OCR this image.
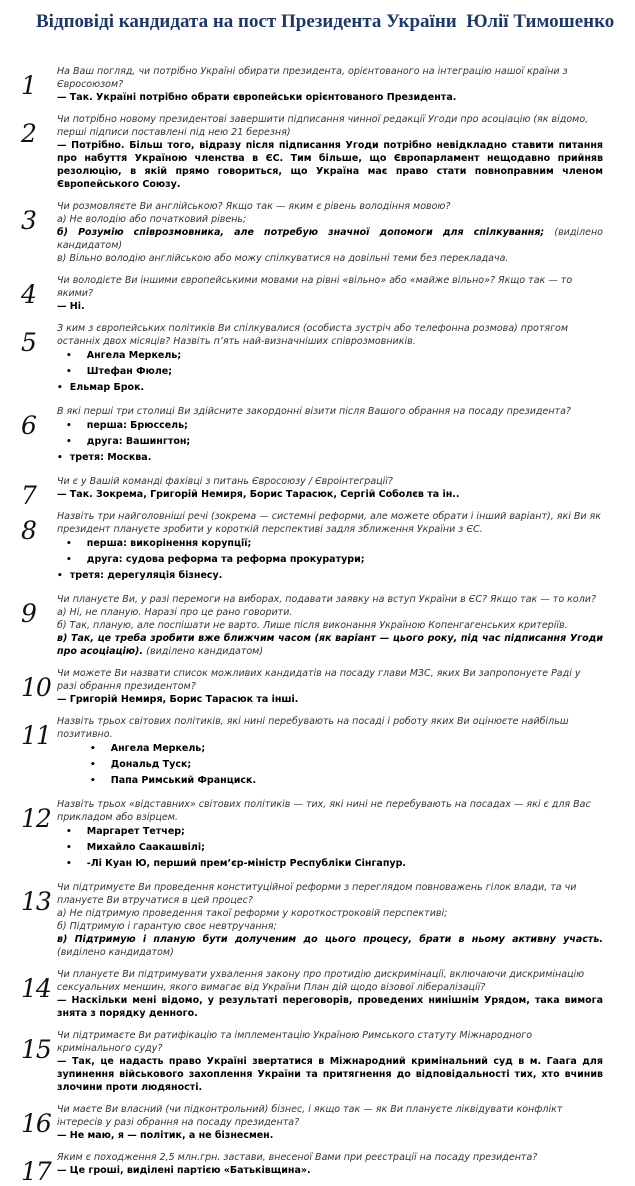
Відповіді кандидата на пост Президента України  Юлії Тимошенко
1	На Ваш погляд, чи потрібно Україні обирати президента, орієнтованого на інтеграцію нашої країни з Євросоюзом?
— Так. Україні потрібно обрати європейськи орієнтованого Президента.
2	Чи потрібно новому президентові завершити підписання чинної редакції Угоди про асоціацію (як відомо, перші підписи поставлені під нею 21 березня)
— Потрібно. Більш того, відразу після підписання Угоди потрібно невідкладно ставити питання про набуття Україною членства в ЄС. Тим більше, що Європарламент нещодавно прийняв резолюцію, в якій прямо говориться, що Україна має право стати повноправним членом Європейського Союзу.
3	Чи розмовляєте Ви англійською? Якщо так — яким є рівень володіння мовою?
а) Не володію або початковий рівень;
б) Розумію співрозмовника, але потребую значної допомоги для спілкування; (виділено кандидатом)
в) Вільно володію англійською або можу спілкуватися на довільні теми без перекладача.
4	Чи володієте Ви іншими європейськими мовами на рівні «вільно» або «майже вільно»? Якщо так — то якими?
— Ні.
5	З ким з європейських політиків Ви спілкувалися (особиста зустріч або телефонна розмова) протягом останніх двох місяців? Назвіть п’ять най-визначніших співрозмовників.
• Ангела Меркель;
• Штефан Фюле;
• Ельмар Брок.
6	В які перші три столиці Ви здійсните закордонні візити після Вашого обрання на посаду президента?
• перша: Брюссель;
• друга: Вашингтон;
• третя: Москва.
7	Чи є у Вашій команді фахівці з питань Євросоюзу / Євроінтеграції?
— Так. Зокрема, Григорій Немиря, Борис Тарасюк, Сергій Соболєв та ін..
8	Назвіть три найголовніші речі (зокрема — системні реформи, але можете обрати і інший варіант), які Ви як президент плануєте зробити у короткій перспективі задля зближення України з ЄС.
• перша: викорінення корупції;
• друга: судова реформа та реформа прокуратури;
• третя: дерегуляція бізнесу.
9	Чи плануєте Ви, у разі перемоги на виборах, подавати заявку на вступ України в ЄС? Якщо так — то коли?
а) Ні, не планую. Наразі про це рано говорити.
б) Так, планую, але поспішати не варто. Лише після виконання Україною Копенгагенських критеріїв.
в) Так, це треба зробити вже ближчим часом (як варіант — цього року, під час підписання Угоди про асоціацію). (виділено кандидатом)
10 Чи можете Ви назвати список можливих кандидатів на посаду глави МЗС, яких Ви запропонуєте Раді у разі обрання президентом?
— Григорій Немиря, Борис Тарасюк та інші.
11 Назвіть трьох світових політиків, які нині перебувають на посаді і роботу яких Ви оцінюєте найбільш позитивно.
• Ангела Меркель;
• Дональд Туск;
• Папа Римський Франциск.
12 Назвіть трьох «відставних» світових політиків — тих, які нині не перебувають на посадах — які є для Вас прикладом або взірцем.
• Маргарет Тетчер;
• Михайло Саакашвілі;
• -Лі Куан Ю, перший прем’єр-міністр Республіки Сінгапур.
13 Чи підтримуєте Ви проведення конституційної реформи з переглядом повноважень гілок влади, та чи плануєте Ви втручатися в цей процес?
а) Не підтримую проведення такої реформи у короткостроковій перспективі;
б) Підтримую і гарантую своє невтручання;
в) Підтримую і планую бути долученим до цього процесу, брати в ньому активну участь. (виділено кандидатом)
14 Чи плануєте Ви підтримувати ухвалення закону про протидію дискримінації, включаючи дискримінацію сексуальних меншин, якого вимагає від України План дій щодо візової лібералізації?
— Наскільки мені відомо, у результаті переговорів, проведених нинішнім Урядом, така вимога знята з порядку денного.
15 Чи підтримаєте Ви ратифікацію та імплементацію Україною Римського статуту Міжнародного кримінального суду?
— Так, це надасть право Україні звертатися в Міжнародний кримінальний суд в м. Гаага для зупинення військового захоплення України та притягнення до відповідальності тих, хто вчинив злочини проти людяності.
16 Чи маєте Ви власний (чи підконтрольний) бізнес, і якщо так — як Ви плануєте ліквідувати конфлікт інтересів у разі обрання на посаду президента?
— Не маю, я — політик, а не бізнесмен.
17 Яким є походження 2,5 млн.грн. застави, внесеної Вами при реєстрації на посаду президента?
— Це гроші, виділені партією «Батьківщина».
